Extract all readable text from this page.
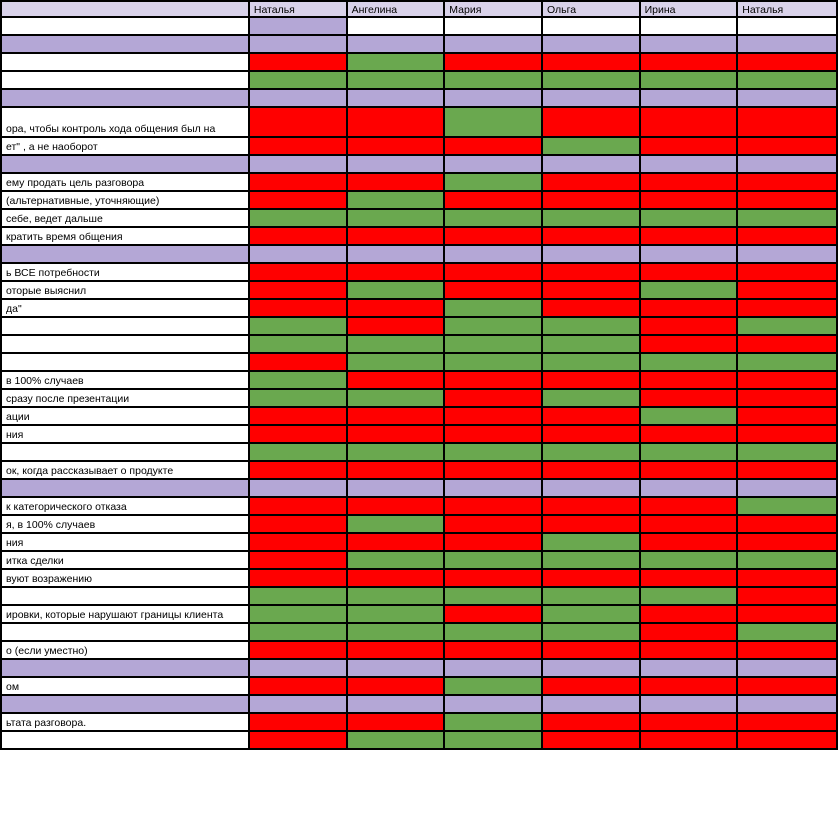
	Наталья	Ангелина	Мария	Ольга	Ирина	Наталья

ора, чтобы контроль хода общения был на						
ет" , а не наоборот						

ему продать цель разговора						
(альтернативные, уточняющие)						
себе, ведет дальше						
кратить время общения						

ь ВСЕ потребности						
оторые выяснил						
да"						

в 100% случаев						
сразу после презентации						
ации						
ния						

ок, когда рассказывает о продукте						

к категорического отказа						
я, в 100% случаев						
ния						
итка сделки						
вуют возражению						

ировки, которые нарушают границы клиента						

о (если уместно)						

ом						

ьтата разговора.						
